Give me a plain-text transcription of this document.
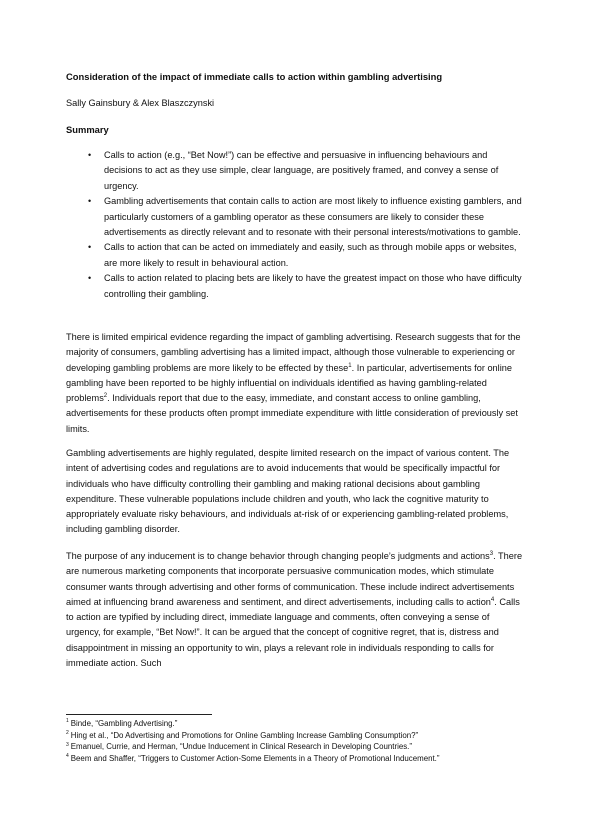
Consideration of the impact of immediate calls to action within gambling advertising
Sally Gainsbury & Alex Blaszczynski
Summary
• Calls to action (e.g., “Bet Now!”) can be effective and persuasive in influencing behaviours and decisions to act as they use simple, clear language, are positively framed, and convey a sense of urgency.
• Gambling advertisements that contain calls to action are most likely to influence existing gamblers, and particularly customers of a gambling operator as these consumers are likely to consider these advertisements as directly relevant and to resonate with their personal interests/motivations to gamble.
• Calls to action that can be acted on immediately and easily, such as through mobile apps or websites, are more likely to result in behavioural action.
• Calls to action related to placing bets are likely to have the greatest impact on those who have difficulty controlling their gambling.

There is limited empirical evidence regarding the impact of gambling advertising. Research suggests that for the majority of consumers, gambling advertising has a limited impact, although those vulnerable to experiencing or developing gambling problems are more likely to be effected by these$^1$. In particular, advertisements for online gambling have been reported to be highly influential on individuals identified as having gambling-related problems$^2$. Individuals report that due to the easy, immediate, and constant access to online gambling, advertisements for these products often prompt immediate expenditure with little consideration of previously set limits.

Gambling advertisements are highly regulated, despite limited research on the impact of various content. The intent of advertising codes and regulations are to avoid inducements that would be specifically impactful for individuals who have difficulty controlling their gambling and making rational decisions about gambling expenditure. These vulnerable populations include children and youth, who lack the cognitive maturity to appropriately evaluate risky behaviours, and individuals at-risk of or experiencing gambling-related problems, including gambling disorder.

The purpose of any inducement is to change behavior through changing people’s judgments and actions$^3$. There are numerous marketing components that incorporate persuasive communication modes, which stimulate consumer wants through advertising and other forms of communication. These include indirect advertisements aimed at influencing brand awareness and sentiment, and direct advertisements, including calls to action$^4$. Calls to action are typified by including direct, immediate language and comments, often conveying a sense of urgency, for example, “Bet Now!”. It can be argued that the concept of cognitive regret, that is, distress and disappointment in missing an opportunity to win, plays a relevant role in individuals responding to calls for immediate action. Such

$^1$ Binde, “Gambling Advertising.”
$^2$ Hing et al., “Do Advertising and Promotions for Online Gambling Increase Gambling Consumption?”
$^3$ Emanuel, Currie, and Herman, “Undue Inducement in Clinical Research in Developing Countries.”
$^4$ Beem and Shaffer, “Triggers to Customer Action-Some Elements in a Theory of Promotional Inducement.”
